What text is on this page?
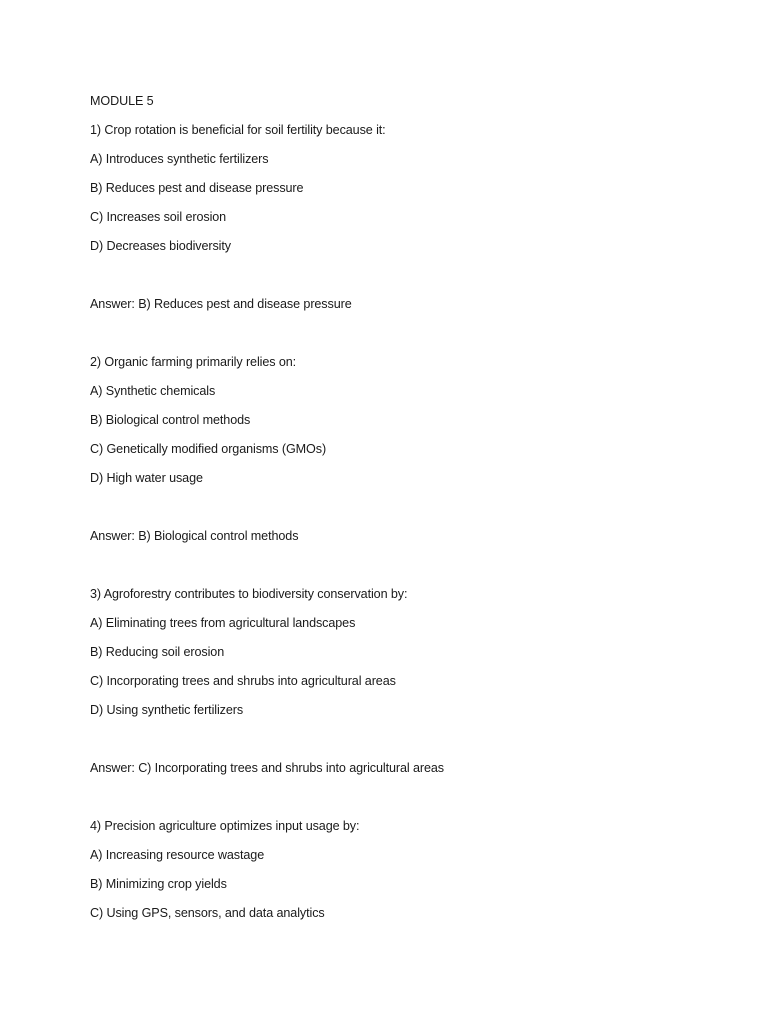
MODULE 5
1) Crop rotation is beneficial for soil fertility because it:
A) Introduces synthetic fertilizers
B) Reduces pest and disease pressure
C) Increases soil erosion
D) Decreases biodiversity
Answer: B) Reduces pest and disease pressure
2) Organic farming primarily relies on:
A) Synthetic chemicals
B) Biological control methods
C) Genetically modified organisms (GMOs)
D) High water usage
Answer: B) Biological control methods
3) Agroforestry contributes to biodiversity conservation by:
A) Eliminating trees from agricultural landscapes
B) Reducing soil erosion
C) Incorporating trees and shrubs into agricultural areas
D) Using synthetic fertilizers
Answer: C) Incorporating trees and shrubs into agricultural areas
4) Precision agriculture optimizes input usage by:
A) Increasing resource wastage
B) Minimizing crop yields
C) Using GPS, sensors, and data analytics
